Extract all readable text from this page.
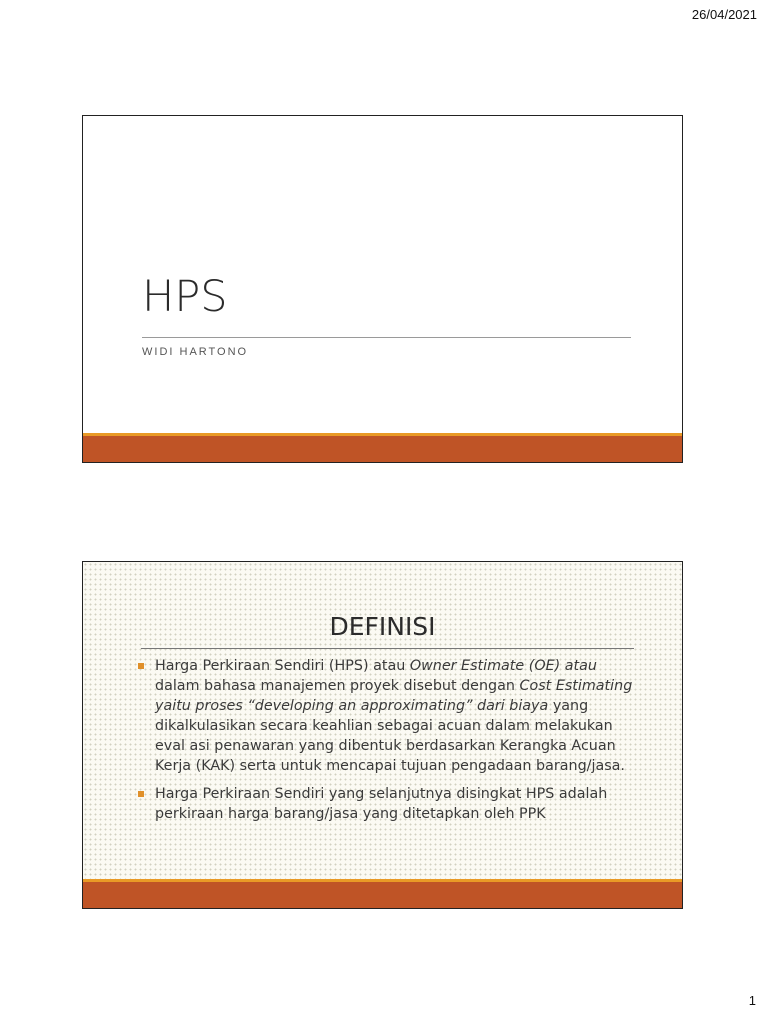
26/04/2021
HPS
WIDI HARTONO
DEFINISI
Harga Perkiraan Sendiri (HPS) atau Owner Estimate (OE) atau dalam bahasa manajemen proyek disebut dengan Cost Estimating yaitu proses “developing an approximating” dari biaya yang dikalkulasikan secara keahlian sebagai acuan dalam melakukan eval asi penawaran yang dibentuk berdasarkan Kerangka Acuan Kerja (KAK) serta untuk mencapai tujuan pengadaan barang/jasa.
Harga Perkiraan Sendiri yang selanjutnya disingkat HPS adalah perkiraan harga barang/jasa yang ditetapkan oleh PPK
1
